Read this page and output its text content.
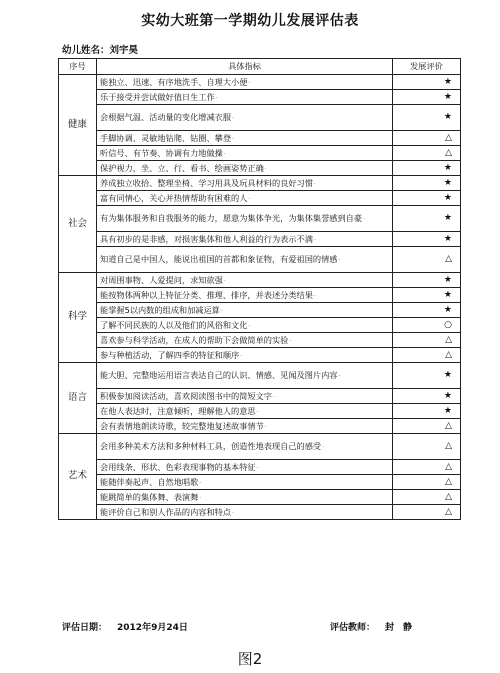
实幼大班第一学期幼儿发展评估表
幼儿姓名：刘宇昊
序号	具体指标	发展评价
健康	能独立、迅速、有序地洗手、自理大小便.	★
	乐于接受并尝试做好值日生工作.	★
	会根据气温、活动量的变化增减衣服.	★
	手脚协调、灵敏地钻爬、钻圈、攀登.	△
	听信号、有节奏、协调有力地做操.	△
	保护视力，坐、立、行、看书、绘画姿势正确.	★
社会	养成独立收拾、整理坐椅、学习用具及玩具材料的良好习惯.	★
	富有同情心，关心并热情帮助有困难的人.	★
	有为集体服务和自我服务的能力，愿意为集体争光，为集体集誉感到自豪.	★
	具有初步的是非感，对损害集体和他人利益的行为表示不满.	★
	知道自己是中国人，能说出祖国的首都和象征物，有爱祖国的情感.	△
科学	对周围事物、人爱提问，求知欲强.	★
	能按物体两种以上特征分类、推理、排序，并表述分类结果.	★
	能掌握5以内数的组成和加减运算.	★
	了解不同民族的人以及他们的风俗和文化.	○
	喜欢参与科学活动，在成人的帮助下会做简单的实验.	△
	参与种植活动，了解四季的特征和顺序.	△
语言	能大胆、完整地运用语言表达自己的认识、情感、见闻及图片内容.	★
	积极参加阅读活动，喜欢阅读图书中的简短文字.	★
	在他人表达时，注意倾听，理解他人的意思.	★
	会有表情地朗读诗歌，较完整地复述故事情节.	△
艺术	会用多种美术方法和多种材料工具，创造性地表现自己的感受.	△
	会用线条、形状、色彩表现事物的基本特征.	△
	能随伴奏起声、自然地唱歌.	△
	能跳简单的集体舞、表演舞.	△
	能评价自己和别人作品的内容和特点.	△
评估日期： 2012年9月24日	评估教师： 封　静
图2
